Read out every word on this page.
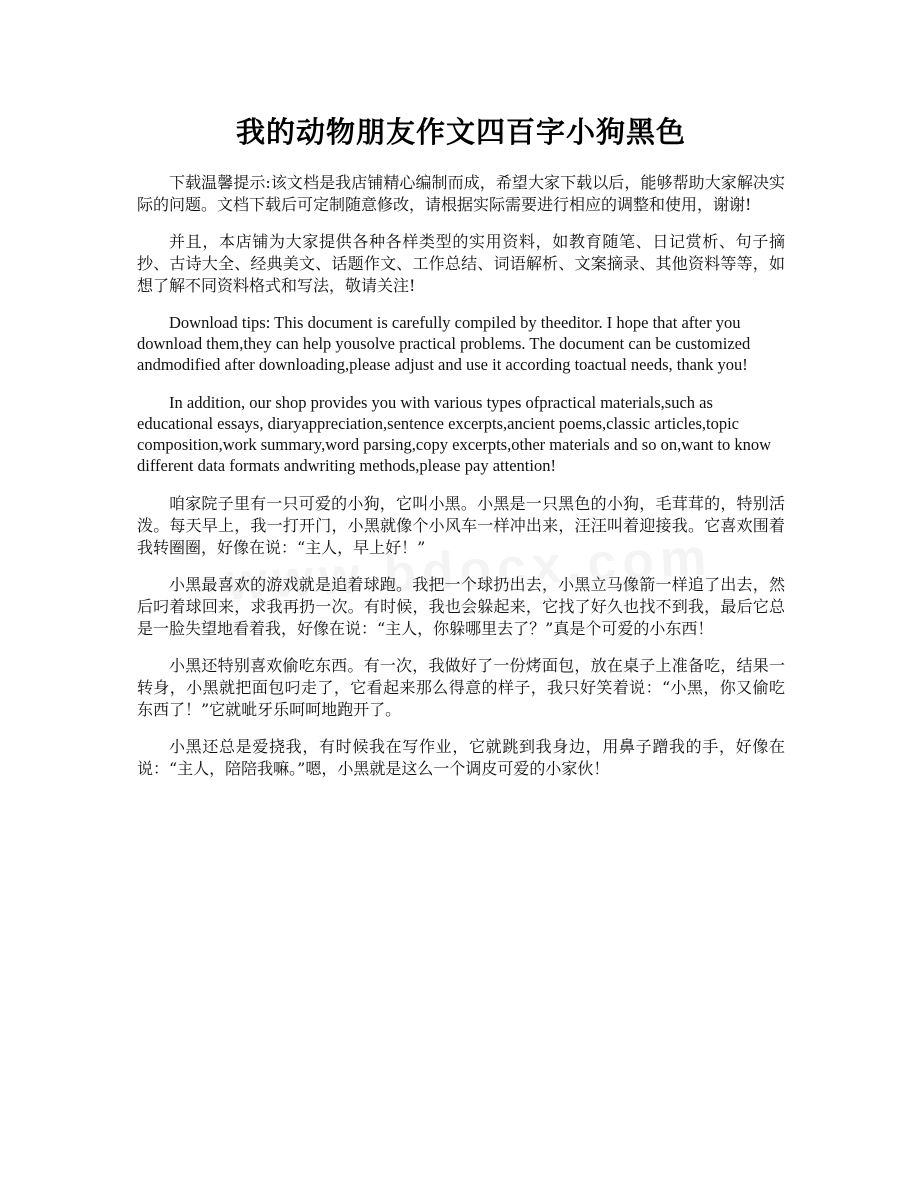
我的动物朋友作文四百字小狗黑色

下载温馨提示:该文档是我店铺精心编制而成，希望大家下载以后，能够帮助大家解决实际的问题。文档下载后可定制随意修改，请根据实际需要进行相应的调整和使用，谢谢!

并且，本店铺为大家提供各种各样类型的实用资料，如教育随笔、日记赏析、句子摘抄、古诗大全、经典美文、话题作文、工作总结、词语解析、文案摘录、其他资料等等，如想了解不同资料格式和写法，敬请关注!

Download tips: This document is carefully compiled by theeditor. I hope that after you download them,they can help yousolve practical problems. The document can be customized andmodified after downloading,please adjust and use it according toactual needs, thank you!

In addition, our shop provides you with various types ofpractical materials,such as educational essays, diaryappreciation,sentence excerpts,ancient poems,classic articles,topic composition,work summary,word parsing,copy excerpts,other materials and so on,want to know different data formats andwriting methods,please pay attention!

咱家院子里有一只可爱的小狗，它叫小黑。小黑是一只黑色的小狗，毛茸茸的，特别活泼。每天早上，我一打开门，小黑就像个小风车一样冲出来，汪汪叫着迎接我。它喜欢围着我转圈圈，好像在说：“主人，早上好！”

小黑最喜欢的游戏就是追着球跑。我把一个球扔出去，小黑立马像箭一样追了出去，然后叼着球回来，求我再扔一次。有时候，我也会躲起来，它找了好久也找不到我，最后它总是一脸失望地看着我，好像在说：“主人，你躲哪里去了？”真是个可爱的小东西！

小黑还特别喜欢偷吃东西。有一次，我做好了一份烤面包，放在桌子上准备吃，结果一转身，小黑就把面包叼走了，它看起来那么得意的样子，我只好笑着说：“小黑，你又偷吃东西了！”它就呲牙乐呵呵地跑开了。

小黑还总是爱挠我，有时候我在写作业，它就跳到我身边，用鼻子蹭我的手，好像在说：“主人，陪陪我嘛。”嗯，小黑就是这么一个调皮可爱的小家伙！
